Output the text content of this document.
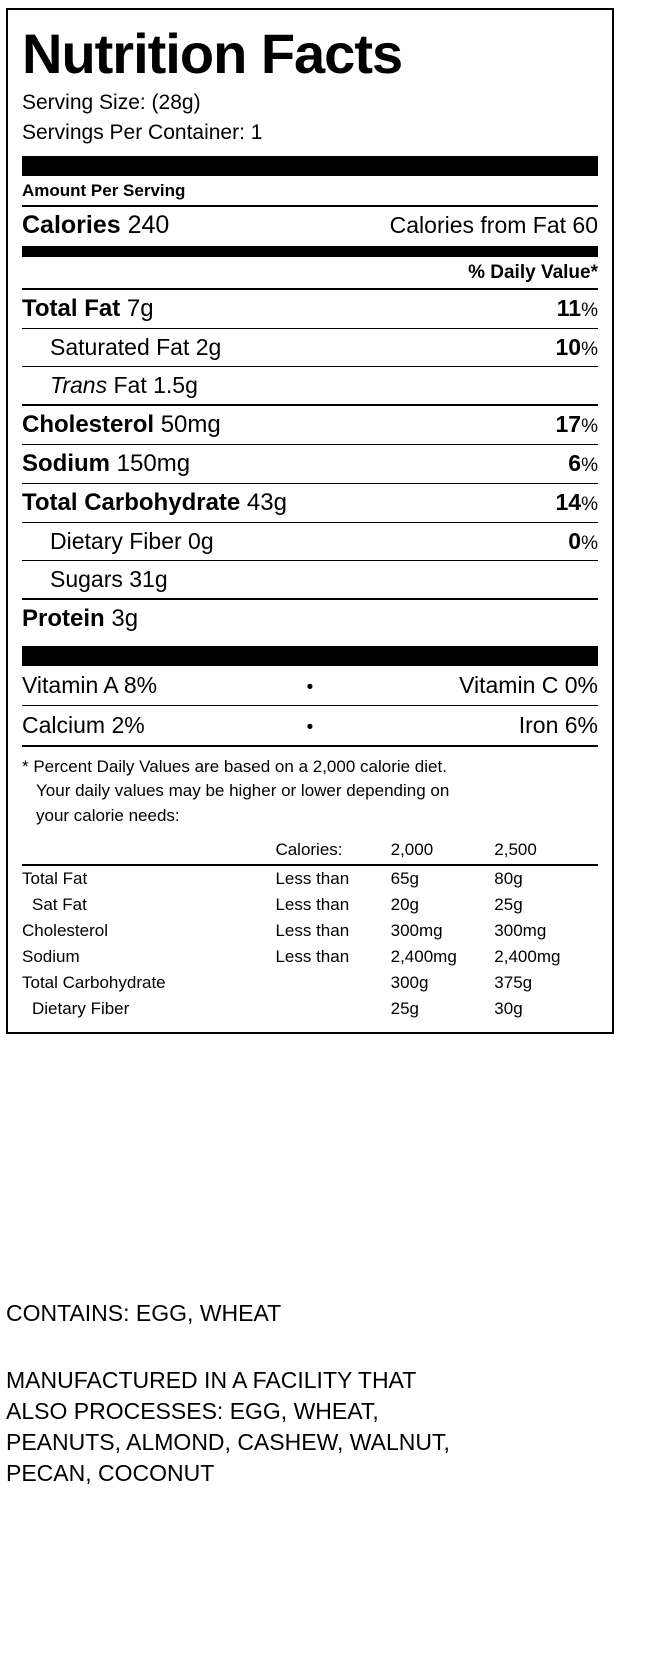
Nutrition Facts
Serving Size: (28g)
Servings Per Container: 1
Amount Per Serving
Calories 240	Calories from Fat 60
% Daily Value*
Total Fat 7g	11%
Saturated Fat 2g	10%
Trans Fat 1.5g
Cholesterol 50mg	17%
Sodium 150mg	6%
Total Carbohydrate 43g	14%
Dietary Fiber 0g	0%
Sugars 31g
Protein 3g
Vitamin A 8%	•	Vitamin C 0%
Calcium 2%	•	Iron 6%
* Percent Daily Values are based on a 2,000 calorie diet.
Your daily values may be higher or lower depending on
your calorie needs:
	Calories:	2,000	2,500
Total Fat	Less than	65g	80g
Sat Fat	Less than	20g	25g
Cholesterol	Less than	300mg	300mg
Sodium	Less than	2,400mg	2,400mg
Total Carbohydrate		300g	375g
Dietary Fiber		25g	30g
CONTAINS: EGG, WHEAT
MANUFACTURED IN A FACILITY THAT
ALSO PROCESSES: EGG, WHEAT,
PEANUTS, ALMOND, CASHEW, WALNUT,
PECAN, COCONUT
